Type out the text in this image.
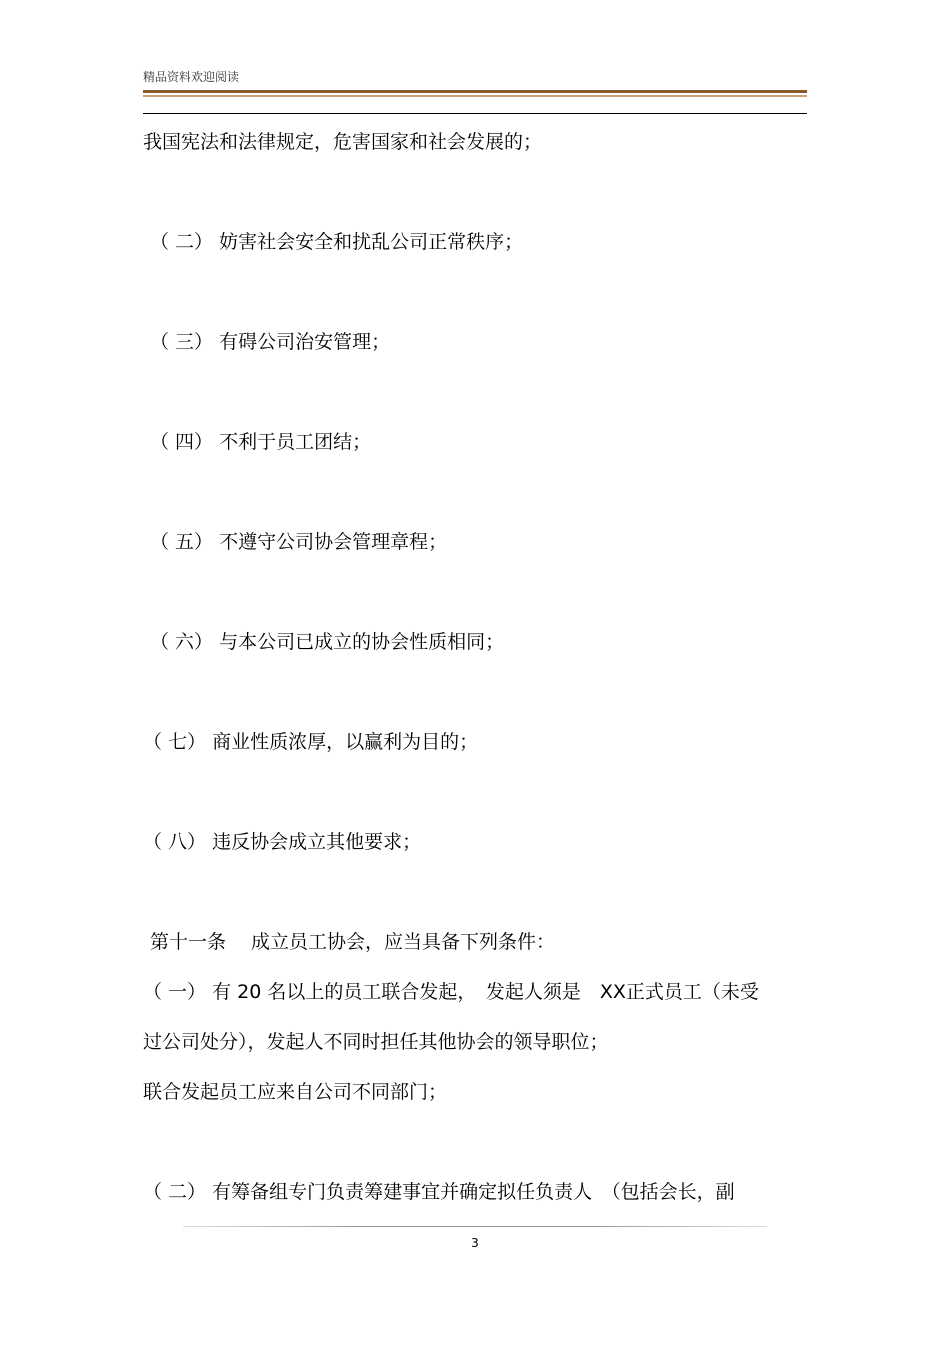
精品资料欢迎阅读
我国宪法和法律规定，危害国家和社会发展的；
（ 二） 妨害社会安全和扰乱公司正常秩序；
（ 三） 有碍公司治安管理；
（ 四） 不利于员工团结；
（ 五） 不遵守公司协会管理章程；
（ 六） 与本公司已成立的协会性质相同；
（ 七） 商业性质浓厚，以赢利为目的；
（ 八） 违反协会成立其他要求；
第十一条　 成立员工协会，应当具备下列条件：
（ 一） 有 20 名以上的员工联合发起，　发起人须是　XX正式员工（未受
过公司处分），发起人不同时担任其他协会的领导职位；
联合发起员工应来自公司不同部门；
（ 二） 有筹备组专门负责筹建事宜并确定拟任负责人　（包括会长，副
3
